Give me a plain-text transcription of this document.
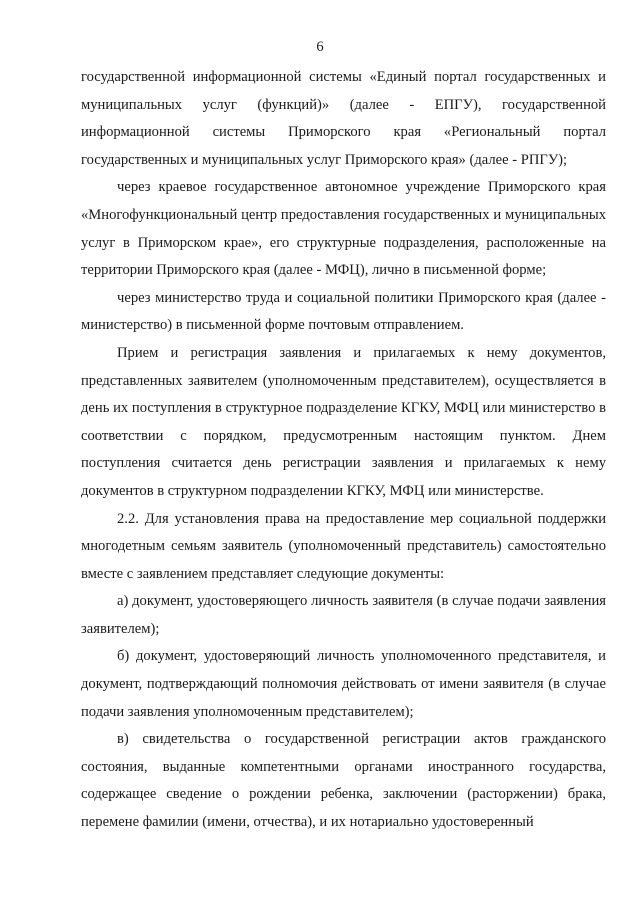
6

государственной информационной системы «Единый портал государственных и муниципальных услуг (функций)» (далее - ЕПГУ), государственной информационной системы Приморского края «Региональный портал государственных и муниципальных услуг Приморского края» (далее - РПГУ);

через краевое государственное автономное учреждение Приморского края «Многофункциональный центр предоставления государственных и муниципальных услуг в Приморском крае», его структурные подразделения, расположенные на территории Приморского края (далее - МФЦ), лично в письменной форме;

через министерство труда и социальной политики Приморского края (далее - министерство) в письменной форме почтовым отправлением.

Прием и регистрация заявления и прилагаемых к нему документов, представленных заявителем (уполномоченным представителем), осуществляется в день их поступления в структурное подразделение КГКУ, МФЦ или министерство в соответствии с порядком, предусмотренным настоящим пунктом. Днем поступления считается день регистрации заявления и прилагаемых к нему документов в структурном подразделении КГКУ, МФЦ или министерстве.

2.2. Для установления права на предоставление мер социальной поддержки многодетным семьям заявитель (уполномоченный представитель) самостоятельно вместе с заявлением представляет следующие документы:

а) документ, удостоверяющего личность заявителя (в случае подачи заявления заявителем);

б) документ, удостоверяющий личность уполномоченного представителя, и документ, подтверждающий полномочия действовать от имени заявителя (в случае подачи заявления уполномоченным представителем);

в) свидетельства о государственной регистрации актов гражданского состояния, выданные компетентными органами иностранного государства, содержащее сведение о рождении ребенка, заключении (расторжении) брака, перемене фамилии (имени, отчества), и их нотариально удостоверенный
